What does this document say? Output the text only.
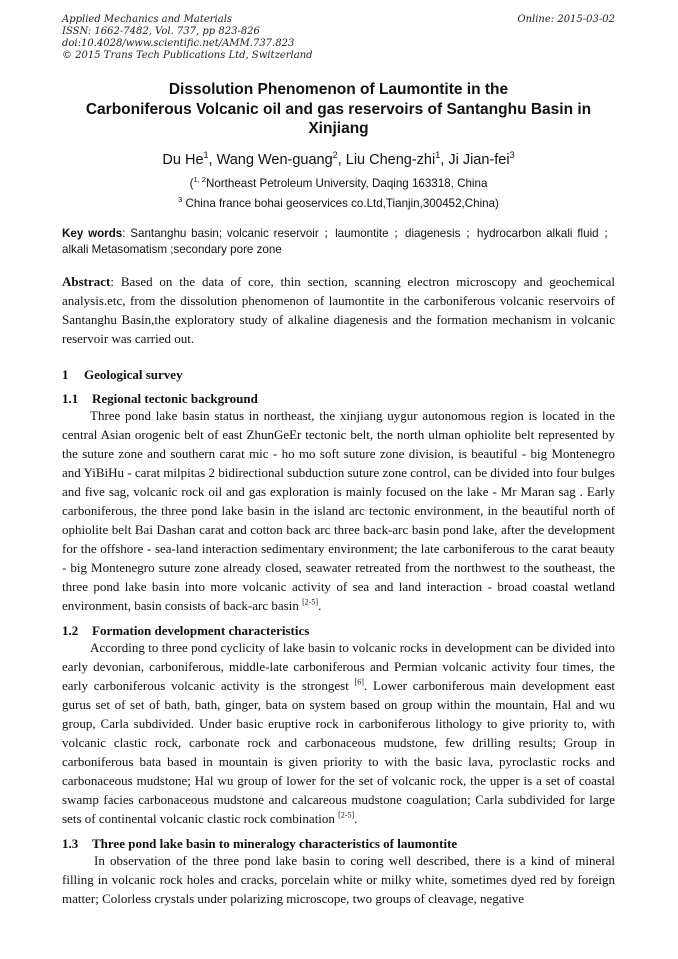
Applied Mechanics and Materials
ISSN: 1662-7482, Vol. 737, pp 823-826
doi:10.4028/www.scientific.net/AMM.737.823
© 2015 Trans Tech Publications Ltd, Switzerland
Online: 2015-03-02
Dissolution Phenomenon of Laumontite in the
Carboniferous Volcanic oil and gas reservoirs of Santanghu Basin in
Xinjiang
Du He$^1$, Wang Wen-guang$^2$, Liu Cheng-zhi$^1$, Ji Jian-fei$^3$
($^{1, 2}$Northeast Petroleum University, Daqing 163318, China
$^3$ China france bohai geoservices co.Ltd,Tianjin,300452,China)
Key words: Santanghu basin; volcanic reservoir ；laumontite ；diagenesis ；hydrocarbon alkali fluid ；alkali Metasomatism ;secondary pore zone
Abstract: Based on the data of core, thin section, scanning electron microscopy and geochemical analysis.etc, from the dissolution phenomenon of laumontite in the carboniferous volcanic reservoirs of Santanghu Basin,the exploratory study of alkaline diagenesis and the formation mechanism in volcanic reservoir was carried out.
1 Geological survey
1.1 Regional tectonic background
Three pond lake basin status in northeast, the xinjiang uygur autonomous region is located in the central Asian orogenic belt of east ZhunGeEr tectonic belt, the north ulman ophiolite belt represented by the suture zone and southern carat mic - ho mo soft suture zone division, is beautiful - big Montenegro and YiBiHu - carat milpitas 2 bidirectional subduction suture zone control, can be divided into four bulges and five sag, volcanic rock oil and gas exploration is mainly focused on the lake - Mr Maran sag . Early carboniferous, the three pond lake basin in the island arc tectonic environment, in the beautiful north of ophiolite belt Bai Dashan carat and cotton back arc three back-arc basin pond lake, after the development for the offshore - sea-land interaction sedimentary environment; the late carboniferous to the carat beauty - big Montenegro suture zone already closed, seawater retreated from the northwest to the southeast, the three pond lake basin into more volcanic activity of sea and land interaction - broad coastal wetland environment, basin consists of back-arc basin [2-5].
1.2 Formation development characteristics
According to three pond cyclicity of lake basin to volcanic rocks in development can be divided into early devonian, carboniferous, middle-late carboniferous and Permian volcanic activity four times, the early carboniferous volcanic activity is the strongest [6]. Lower carboniferous main development east gurus set of set of bath, bath, ginger, bata on system based on group within the mountain, Hal and wu group, Carla subdivided. Under basic eruptive rock in carboniferous lithology to give priority to, with volcanic clastic rock, carbonate rock and carbonaceous mudstone, few drilling results; Group in carboniferous bata based in mountain is given priority to with the basic lava, pyroclastic rocks and carbonaceous mudstone; Hal wu group of lower for the set of volcanic rock, the upper is a set of coastal swamp facies carbonaceous mudstone and calcareous mudstone coagulation; Carla subdivided for large sets of continental volcanic clastic rock combination [2-5].
1.3 Three pond lake basin to mineralogy characteristics of laumontite
In observation of the three pond lake basin to coring well described, there is a kind of mineral filling in volcanic rock holes and cracks, porcelain white or milky white, sometimes dyed red by foreign matter; Colorless crystals under polarizing microscope, two groups of cleavage, negative
